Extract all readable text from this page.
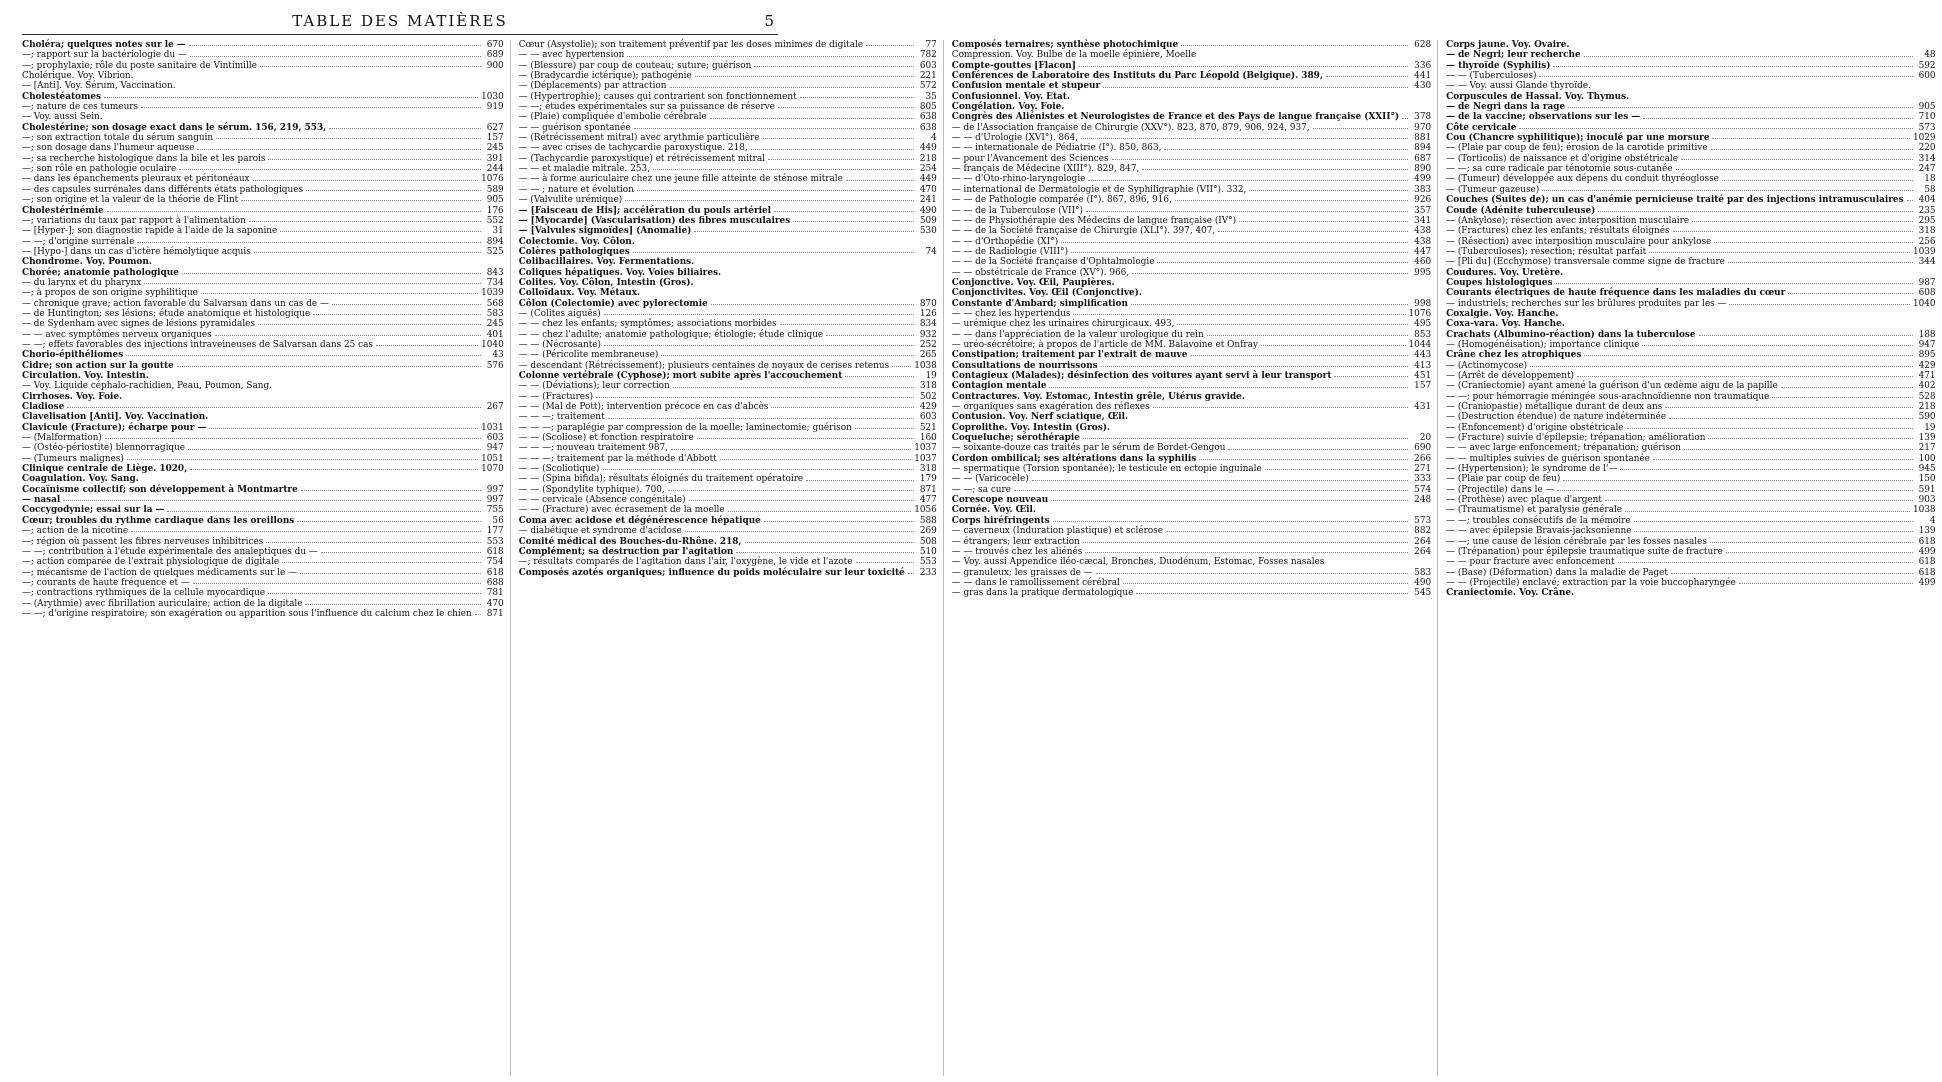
TABLE DES MATIÈRES	5
Choléra; quelques notes sur le —	670
—; rapport sur la bactériologie du —	689
—; prophylaxie; rôle du poste sanitaire de Vintimille	900
Cholérique. Voy. Vibrion.
— [Anti]. Voy. Sérum, Vaccination.
Cholestéatomes	1030
—; nature de ces tumeurs	919
— Voy. aussi Sein.
Cholestérine; son dosage exact dans le sérum. 156, 219, 553,	627
—; son extraction totale du sérum sanguin	157
—; son dosage dans l'humeur aqueuse	245
—; sa recherche histologique dans la bile et les parois	391
—; son rôle en pathologie oculaire	244
— dans les épanchements pleuraux et péritonéaux	1076
— des capsules surrénales dans différents états pathologiques	589
—; son origine et la valeur de la théorie de Flint	905
Cholestérinémie	176
—; variations du taux par rapport à l'alimentation	552
— [Hyper-]; son diagnostic rapide à l'aide de la saponine	31
— —; d'origine surrénale	894
— [Hypo-] dans un cas d'ictère hémolytique acquis	525
Chondrome. Voy. Poumon.
Chorée; anatomie pathologique	843
— du larynx et du pharynx	734
—; à propos de son origine syphilitique	1039
— chronique grave; action favorable du Salvarsan dans un cas de —	568
— de Huntington; ses lésions; étude anatomique et histologique	583
— de Sydenham avec signes de lésions pyramidales	245
— — avec symptômes nerveux organiques	401
— —; effets favorables des injections intraveineuses de Salvarsan dans 25 cas	1040
Chorio-épithéliomes	43
Cidre; son action sur la goutte	576
Circulation. Voy. Intestin.
— Voy. Liquide céphalo-rachidien, Peau, Poumon, Sang.
Cirrhoses. Voy. Foie.
Cladiose	267
Clavelisation [Anti]. Voy. Vaccination.
Clavicule (Fracture); écharpe pour —	1031
— (Malformation)	603
— (Ostéo-périostite) blennorragique	947
— (Tumeurs malignes)	1051
Clinique centrale de Liège. 1020,	1070
Coagulation. Voy. Sang.
Cocaïnisme collectif; son développement à Montmartre	997
— nasal	997
Coccygodynie; essai sur la —	755
Cœur; troubles du rythme cardiaque dans les oreillons	56
—; action de la nicotine	177
—; région où passent les fibres nerveuses inhibitrices	553
— —; contribution à l'étude expérimentale des analeptiques du —	618
—; action comparée de l'extrait physiologique de digitale	754
—; mécanisme de l'action de quelques médicaments sur le —	618
—; courants de haute fréquence et —	688
—; contractions rythmiques de la cellule myocardique	781
— (Arythmie) avec fibrillation auriculaire; action de la digitale	470
— —; d'origine respiratoire; son exagération ou apparition sous l'influence du calcium chez le chien	871
Cœur (Asystolie); son traitement préventif par les doses minimes de digitale	77
— — avec hypertension	782
— (Blessure) par coup de couteau; suture; guérison	603
— (Bradycardie ictérique); pathogénie	221
— (Déplacements) par attraction	572
— (Hypertrophie); causes qui contrarient son fonctionnement	35
— —; études expérimentales sur sa puissance de réserve	805
— (Plaie) compliquée d'embolie cérébrale	638
— — guérison spontanée	638
— (Rétrécissement mitral) avec arythmie particulière	4
— — avec crises de tachycardie paroxystique. 218,	449
— (Tachycardie paroxystique) et rétrécissement mitral	218
— — et maladie mitrale. 253,	254
— — à forme auriculaire chez une jeune fille atteinte de sténose mitrale	449
— — ; nature et évolution	470
— (Valvulite urémique)	241
— [Faisceau de His]; accélération du pouls artériel	490
— [Myocarde] (Vascularisation) des fibres musculaires	509
— [Valvules sigmoïdes] (Anomalie)	530
Colectomie. Voy. Côlon.
Colères pathologiques	74
Colibacillaires. Voy. Fermentations.
Coliques hépatiques. Voy. Voies biliaires.
Colites. Voy. Côlon, Intestin (Gros).
Colloïdaux. Voy. Métaux.
Côlon (Colectomie) avec pylorectomie	870
— (Colites aiguës)	126
— — chez les enfants; symptômes; associations morbides	834
— — chez l'adulte; anatomie pathologique; étiologie; étude clinique	932
— — (Nécrosante)	252
— — (Péricolite membraneuse)	265
— descendant (Rétrécissement); plusieurs centaines de noyaux de cerises retenus	1038
Colonne vertébrale (Cyphose); mort subite après l'accouchement	19
— — (Déviations); leur correction	318
— — (Fractures)	502
— — (Mal de Pott); intervention précoce en cas d'abcès	429
— — —; traitement	603
— — —; paraplégie par compression de la moelle; laminectomie; guérison	521
— — (Scoliose) et fonction respiratoire	160
— — —; nouveau traitement 987,	1037
— — —; traitement par la méthode d'Abbott	1037
— — (Scoliotique)	318
— — (Spina bifida); résultats éloignés du traitement opératoire	179
— — (Spondylite typhique). 700,	871
— — cervicale (Absence congénitale)	477
— — (Fracture) avec écrasement de la moelle	1056
Coma avec acidose et dégénérescence hépatique	588
— diabétique et syndrome d'acidose	269
Comité médical des Bouches-du-Rhône. 218,	508
Complément; sa destruction par l'agitation	510
—; résultats comparés de l'agitation dans l'air, l'oxygène, le vide et l'azote	553
Composés azotés organiques; influence du poids moléculaire sur leur toxicité	233
Composés ternaires; synthèse photochimique	628
Compression. Voy. Bulbe de la moelle épinière, Moelle
Compte-gouttes [Flacon]	336
Conférences de Laboratoire des Instituts du Parc Léopold (Belgique). 389,	441
Confusion mentale et stupeur	430
Confusionnel. Voy. Etat.
Congélation. Voy. Foie.
Congrès des Aliénistes et Neurologistes de France et des Pays de langue française (XXII°)	378
— de l'Association française de Chirurgie (XXV°). 823, 870, 879, 906, 924, 937,	970
— — d'Urologie (XVI°). 864,	881
— — internationale de Pédiatrie (I°). 850, 863,	894
— pour l'Avancement des Sciences	687
— français de Médecine (XIII°). 829, 847,	890
— — d'Oto-rhino-laryngologie	499
— international de Dermatologie et de Syphiligraphie (VII°). 332,	383
— — de Pathologie comparée (I°). 867, 896, 916,	926
— — de la Tuberculose (VII°)	357
— — de Physiothérapie des Médecins de langue française (IV°)	341
— — de la Société française de Chirurgie (XLI°). 397, 407,	438
— — d'Orthopédie (XI°)	438
— — de Radiologie (VIII°)	447
— — de la Société française d'Ophtalmologie	460
— — obstétricale de France (XV°). 966,	995
Conjonctive. Voy. Œil, Paupières.
Conjonctivites. Voy. Œil (Conjonctive).
Constante d'Ambard; simplification	998
— — chez les hypertendus	1076
— urémique chez les urinaires chirurgicaux. 493,	495
— — dans l'appréciation de la valeur urologique du rein	853
— uréo-sécrétoire; à propos de l'article de MM. Balavoine et Onfray	1044
Constipation; traitement par l'extrait de mauve	443
Consultations de nourrissons	413
Contagieux (Malades); désinfection des voitures ayant servi à leur transport	451
Contagion mentale	157
Contractures. Voy. Estomac, Intestin grêle, Utérus gravide.
— organiques sans exagération des réflexes	431
Contusion. Voy. Nerf sciatique, Œil.
Coprolithe. Voy. Intestin (Gros).
Coqueluche; sérothérapie	20
— soixante-douze cas traités par le sérum de Bordet-Gengou	690
Cordon ombilical; ses altérations dans la syphilis	266
— spermatique (Torsion spontanée); le testicule en ectopie inguinale	271
— — (Varicocèle)	333
— —; sa cure	574
Corescope nouveau	248
Cornée. Voy. Œil.
Corps hiréfringents	573
— caverneux (Induration plastique) et sclérose	882
— étrangers; leur extraction	264
— — trouvés chez les aliénés	264
— Voy. aussi Appendice iléo-cæcal, Bronches, Duodénum, Estomac, Fosses nasales
— granuleux; les graisses de —	583
— — dans le ramollissement cérébral	490
— gras dans la pratique dermatologique	545
Corps jaune. Voy. Ovaire.
— de Negri; leur recherche	48
— thyroïde (Syphilis)	592
— — (Tuberculoses)	600
— — Voy. aussi Glande thyroïde.
Corpuscules de Hassal. Voy. Thymus.
— de Negri dans la rage	905
— de la vaccine; observations sur les —	710
Côte cervicale	573
Cou (Chancre syphilitique); inoculé par une morsure	1029
— (Plaie par coup de feu); érosion de la carotide primitive	220
— (Torticolis) de naissance et d'origine obstétricale	314
— —; sa cure radicale par ténotomie sous-cutanée	247
— (Tumeur) développée aux dépens du conduit thyréoglosse	18
— (Tumeur gazeuse)	58
Couches (Suites de); un cas d'anémie pernicieuse traité par des injections intramusculaires	404
Coude (Adénite tuberculeuse)	235
— (Ankylose); résection avec interposition musculaire	295
— (Fractures) chez les enfants; résultats éloignés	318
— (Résection) avec interposition musculaire pour ankylose	256
— (Tuberculoses); résection; résultat parfait	1039
— [Pli du] (Ecchymose) transversale comme signe de fracture	344
Coudures. Voy. Uretère.
Coupes histologiques	987
Courants électriques de haute fréquence dans les maladies du cœur	608
— industriels; recherches sur les brûlures produites par les —	1040
Coxalgie. Voy. Hanche.
Coxa-vara. Voy. Hanche.
Crachats (Albumino-réaction) dans la tuberculose	188
— (Homogénéisation); importance clinique	947
Crâne chez les atrophiques	895
— (Actinomycose)	429
— (Arrêt de développement)	471
— (Craniectomie) ayant amené la guérison d'un œdème aigu de la papille	402
— —; pour hémorragie méningée sous-arachnoïdienne non traumatique	528
— (Craniopastie) métallique durant de deux ans	218
— (Destruction étendue) de nature indéterminée	590
— (Enfoncement) d'origine obstétricale	19
— (Fracture) suivie d'épilepsie; trépanation; amélioration	139
— — avec large enfoncement; trépanation; guérison	217
— — multiples suivies de guérison spontanée	100
— (Hypertension); le syndrome de l'—	945
— (Plaie par coup de feu)	150
— (Projectile) dans le —	591
— (Prothèse) avec plaque d'argent	903
— (Traumatisme) et paralysie générale	1038
— —; troubles consécutifs de la mémoire	4
— — avec épilepsie Bravais-jacksonienne	139
— —; une cause de lésion cérébrale par les fosses nasales	618
— (Trépanation) pour épilepsie traumatique suite de fracture	499
— — pour fracture avec enfoncement	618
— (Base) (Déformation) dans la maladie de Paget	618
— — (Projectile) enclavé; extraction par la voie buccopharyngée	499
Craniectomie. Voy. Crâne.
